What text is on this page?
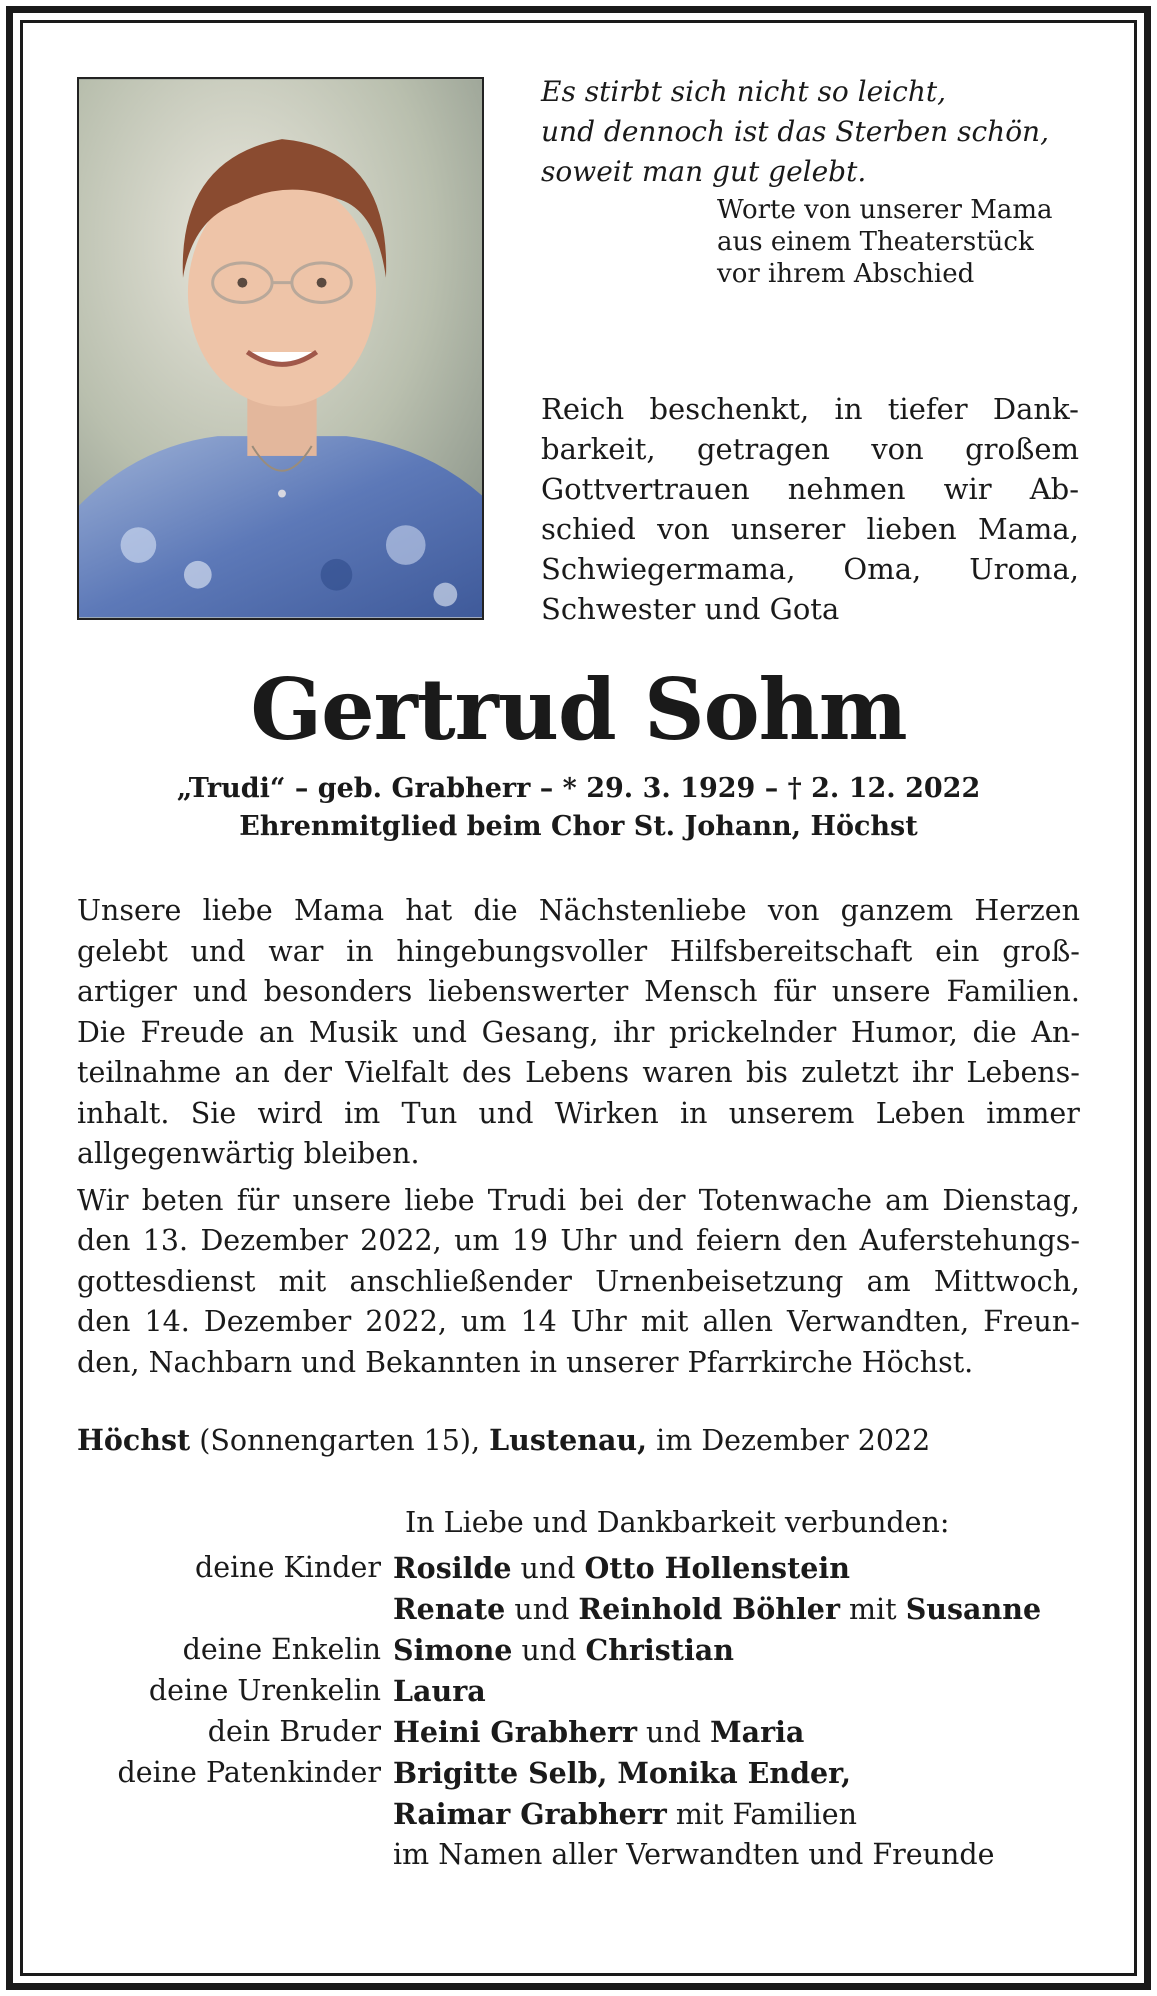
Es stirbt sich nicht so leicht,
und dennoch ist das Sterben schön,
soweit man gut gelebt.
Worte von unserer Mama
aus einem Theaterstück
vor ihrem Abschied
Reich beschenkt, in tiefer Dank-
barkeit, getragen von großem
Gottvertrauen nehmen wir Ab-
schied von unserer lieben Mama,
Schwiegermama, Oma, Uroma,
Schwester und Gota
Gertrud Sohm
„Trudi“ – geb. Grabherr – * 29. 3. 1929 – † 2. 12. 2022
Ehrenmitglied beim Chor St. Johann, Höchst
Unsere liebe Mama hat die Nächstenliebe von ganzem Herzen
gelebt und war in hingebungsvoller Hilfsbereitschaft ein groß-
artiger und besonders liebenswerter Mensch für unsere Familien.
Die Freude an Musik und Gesang, ihr prickelnder Humor, die An-
teilnahme an der Vielfalt des Lebens waren bis zuletzt ihr Lebens-
inhalt. Sie wird im Tun und Wirken in unserem Leben immer
allgegenwärtig bleiben.
Wir beten für unsere liebe Trudi bei der Totenwache am Dienstag,
den 13. Dezember 2022, um 19 Uhr und feiern den Auferstehungs-
gottesdienst mit anschließender Urnenbeisetzung am Mittwoch,
den 14. Dezember 2022, um 14 Uhr mit allen Verwandten, Freun-
den, Nachbarn und Bekannten in unserer Pfarrkirche Höchst.
Höchst (Sonnengarten 15), Lustenau, im Dezember 2022
In Liebe und Dankbarkeit verbunden:
deine Kinder Rosilde und Otto Hollenstein
Renate und Reinhold Böhler mit Susanne
deine Enkelin Simone und Christian
deine Urenkelin Laura
dein Bruder Heini Grabherr und Maria
deine Patenkinder Brigitte Selb, Monika Ender,
Raimar Grabherr mit Familien
im Namen aller Verwandten und Freunde
